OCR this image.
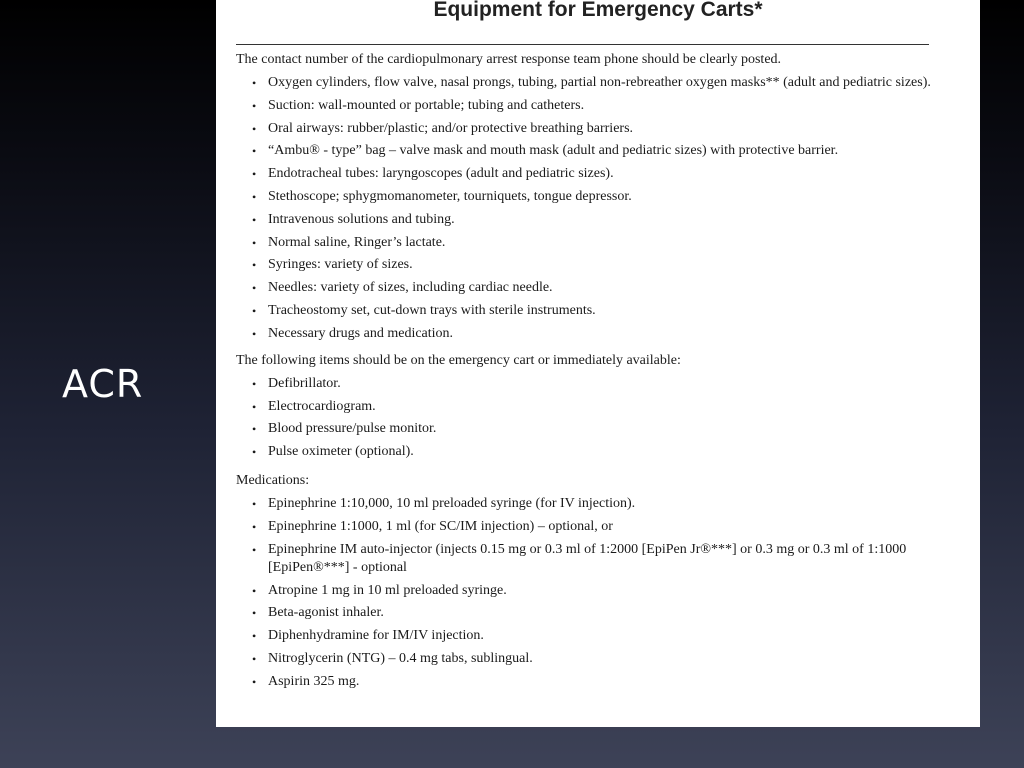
ACR
Equipment for Emergency Carts*

The contact number of the cardiopulmonary arrest response team phone should be clearly posted.

• Oxygen cylinders, flow valve, nasal prongs, tubing, partial non-rebreather oxygen masks** (adult and pediatric sizes).
• Suction: wall-mounted or portable; tubing and catheters.
• Oral airways: rubber/plastic; and/or protective breathing barriers.
• “Ambu® - type” bag – valve mask and mouth mask (adult and pediatric sizes) with protective barrier.
• Endotracheal tubes: laryngoscopes (adult and pediatric sizes).
• Stethoscope; sphygmomanometer, tourniquets, tongue depressor.
• Intravenous solutions and tubing.
• Normal saline, Ringer’s lactate.
• Syringes: variety of sizes.
• Needles: variety of sizes, including cardiac needle.
• Tracheostomy set, cut-down trays with sterile instruments.
• Necessary drugs and medication.

The following items should be on the emergency cart or immediately available:

• Defibrillator.
• Electrocardiogram.
• Blood pressure/pulse monitor.
• Pulse oximeter (optional).

Medications:

• Epinephrine 1:10,000, 10 ml preloaded syringe (for IV injection).
• Epinephrine 1:1000, 1 ml (for SC/IM injection) – optional, or
• Epinephrine IM auto-injector (injects 0.15 mg or 0.3 ml of 1:2000 [EpiPen Jr®***] or 0.3 mg or 0.3 ml of 1:1000 [EpiPen®***] - optional
• Atropine 1 mg in 10 ml preloaded syringe.
• Beta-agonist inhaler.
• Diphenhydramine for IM/IV injection.
• Nitroglycerin (NTG) – 0.4 mg tabs, sublingual.
• Aspirin 325 mg.
